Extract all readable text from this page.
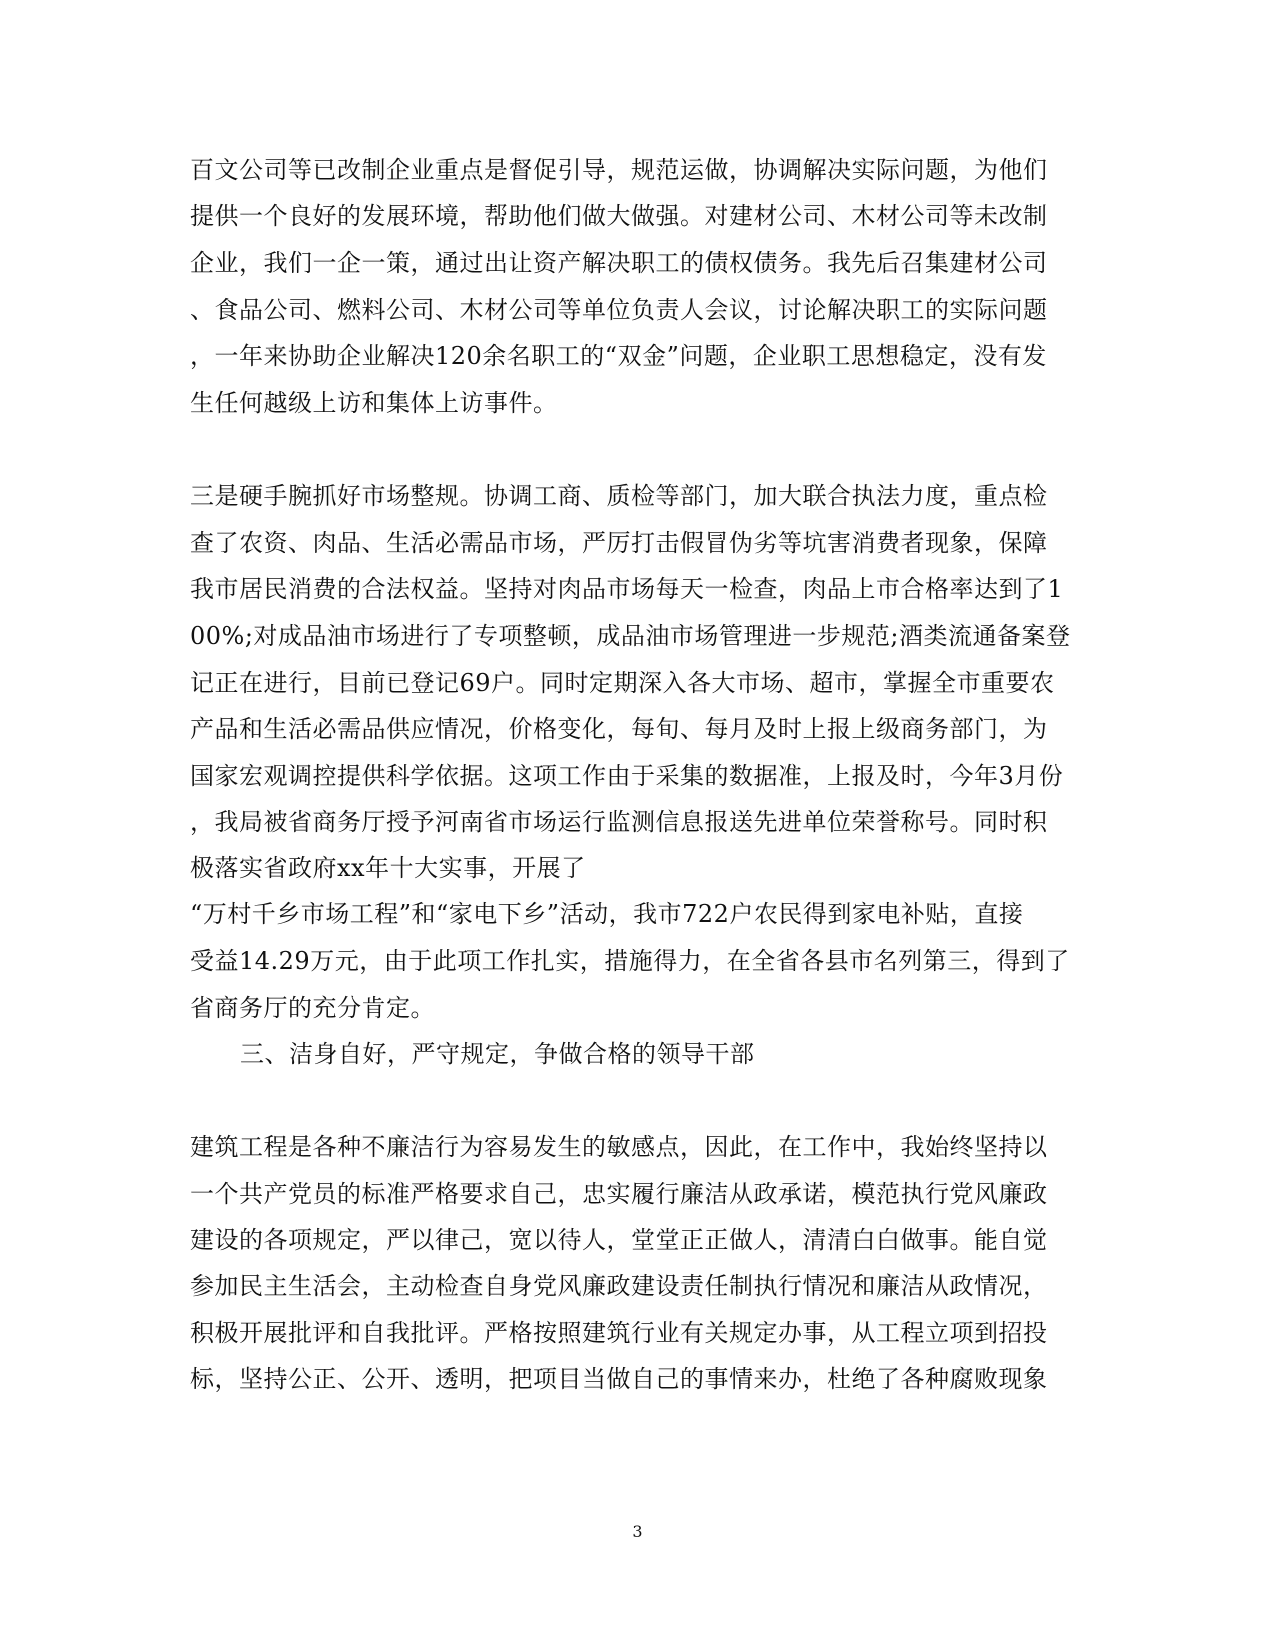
百文公司等已改制企业重点是督促引导，规范运做，协调解决实际问题，为他们
提供一个良好的发展环境，帮助他们做大做强。对建材公司、木材公司等未改制
企业，我们一企一策，通过出让资产解决职工的债权债务。我先后召集建材公司
、食品公司、燃料公司、木材公司等单位负责人会议，讨论解决职工的实际问题
，一年来协助企业解决120余名职工的“双金”问题，企业职工思想稳定，没有发
生任何越级上访和集体上访事件。
三是硬手腕抓好市场整规。协调工商、质检等部门，加大联合执法力度，重点检
查了农资、肉品、生活必需品市场，严厉打击假冒伪劣等坑害消费者现象，保障
我市居民消费的合法权益。坚持对肉品市场每天一检查，肉品上市合格率达到了1
00%;对成品油市场进行了专项整顿，成品油市场管理进一步规范;酒类流通备案登
记正在进行，目前已登记69户。同时定期深入各大市场、超市，掌握全市重要农
产品和生活必需品供应情况，价格变化，每旬、每月及时上报上级商务部门，为
国家宏观调控提供科学依据。这项工作由于采集的数据准，上报及时，今年3月份
，我局被省商务厅授予河南省市场运行监测信息报送先进单位荣誉称号。同时积
极落实省政府xx年十大实事，开展了
“万村千乡市场工程”和“家电下乡”活动，我市722户农民得到家电补贴，直接
受益14.29万元，由于此项工作扎实，措施得力，在全省各县市名列第三，得到了
省商务厅的充分肯定。
三、洁身自好，严守规定，争做合格的领导干部
建筑工程是各种不廉洁行为容易发生的敏感点，因此，在工作中，我始终坚持以
一个共产党员的标准严格要求自己，忠实履行廉洁从政承诺，模范执行党风廉政
建设的各项规定，严以律己，宽以待人，堂堂正正做人，清清白白做事。能自觉
参加民主生活会，主动检查自身党风廉政建设责任制执行情况和廉洁从政情况，
积极开展批评和自我批评。严格按照建筑行业有关规定办事，从工程立项到招投
标，坚持公正、公开、透明，把项目当做自己的事情来办，杜绝了各种腐败现象
3
